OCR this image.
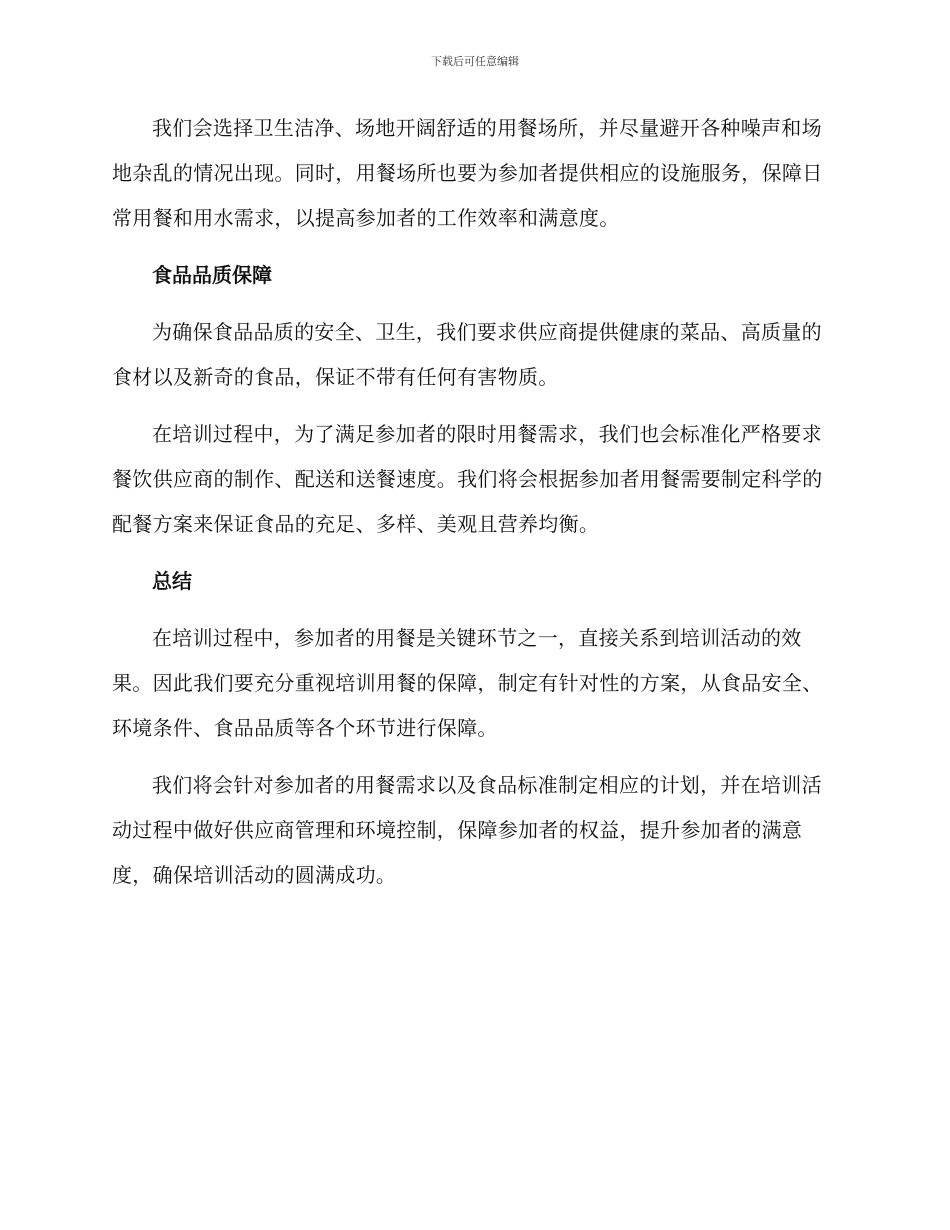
下载后可任意编辑

我们会选择卫生洁净、场地开阔舒适的用餐场所，并尽量避开各种噪声和场地杂乱的情况出现。同时，用餐场所也要为参加者提供相应的设施服务，保障日常用餐和用水需求，以提高参加者的工作效率和满意度。

食品品质保障

为确保食品品质的安全、卫生，我们要求供应商提供健康的菜品、高质量的食材以及新奇的食品，保证不带有任何有害物质。

在培训过程中，为了满足参加者的限时用餐需求，我们也会标准化严格要求餐饮供应商的制作、配送和送餐速度。我们将会根据参加者用餐需要制定科学的配餐方案来保证食品的充足、多样、美观且营养均衡。

总结

在培训过程中，参加者的用餐是关键环节之一，直接关系到培训活动的效果。因此我们要充分重视培训用餐的保障，制定有针对性的方案，从食品安全、环境条件、食品品质等各个环节进行保障。

我们将会针对参加者的用餐需求以及食品标准制定相应的计划，并在培训活动过程中做好供应商管理和环境控制，保障参加者的权益，提升参加者的满意度，确保培训活动的圆满成功。
